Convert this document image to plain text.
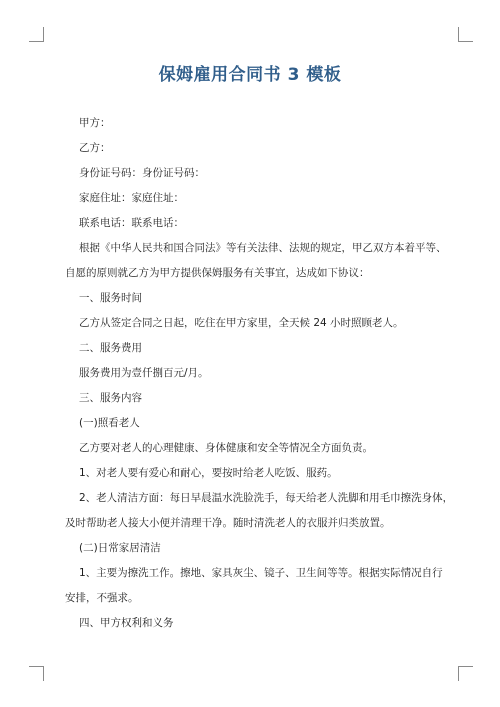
保姆雇用合同书 3 模板
甲方：
乙方：
身份证号码：身份证号码：
家庭住址：家庭住址：
联系电话：联系电话：
根据《中华人民共和国合同法》等有关法律、法规的规定，甲乙双方本着平等、
自愿的原则就乙方为甲方提供保姆服务有关事宜，达成如下协议：
一、服务时间
乙方从签定合同之日起，吃住在甲方家里，全天候 24 小时照顾老人。
二、服务费用
服务费用为壹仟捌百元/月。
三、服务内容
(一)照看老人
乙方要对老人的心理健康、身体健康和安全等情况全方面负责。
1、对老人要有爱心和耐心，要按时给老人吃饭、服药。
2、老人清洁方面：每日早晨温水洗脸洗手，每天给老人洗脚和用毛巾擦洗身体，
及时帮助老人接大小便并清理干净。随时清洗老人的衣服并归类放置。
(二)日常家居清洁
1、主要为擦洗工作。擦地、家具灰尘、镜子、卫生间等等。根据实际情况自行
安排，不强求。
四、甲方权利和义务
